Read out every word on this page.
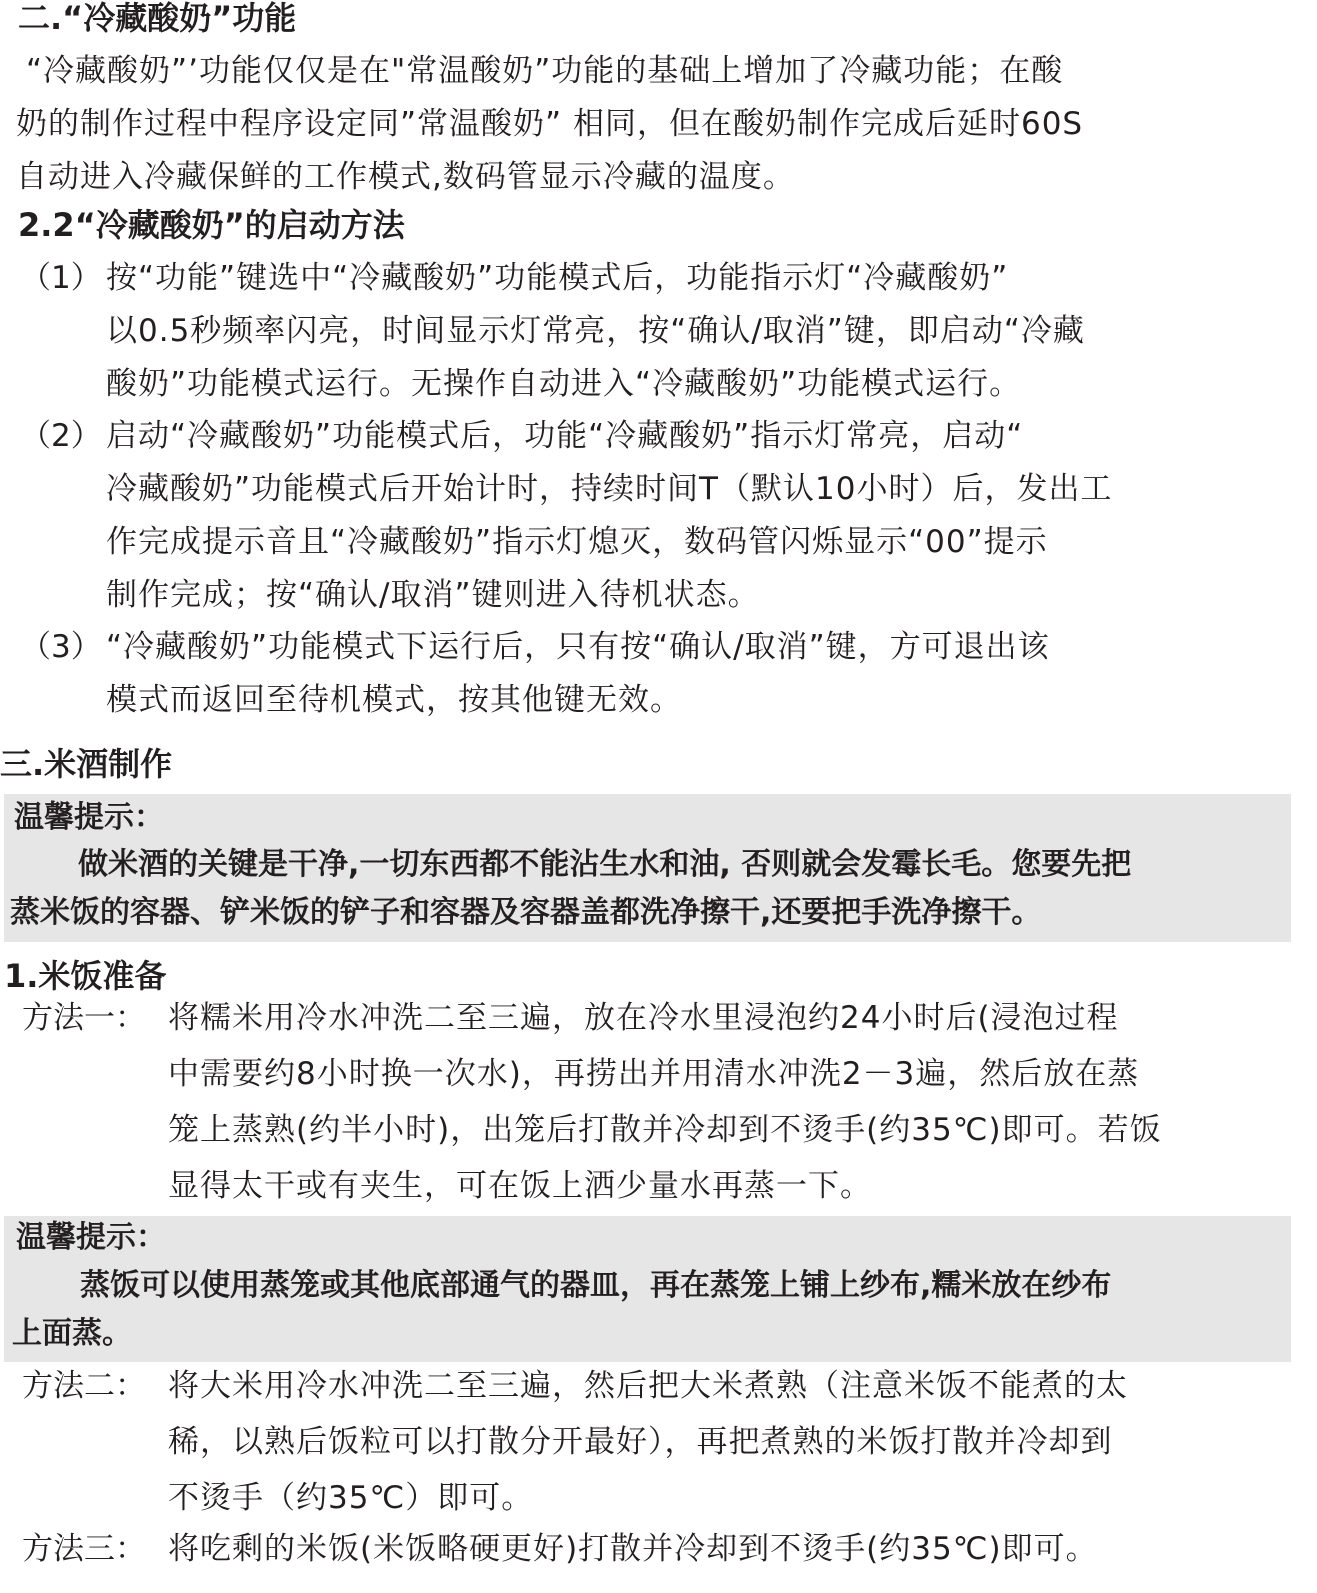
二.“冷藏酸奶”功能
“冷藏酸奶”’功能仅仅是在"常温酸奶”功能的基础上增加了冷藏功能；在酸
奶的制作过程中程序设定同”常温酸奶” 相同，但在酸奶制作完成后延时60S
自动进入冷藏保鲜的工作模式,数码管显示冷藏的温度。
2.2“冷藏酸奶”的启动方法
（1） 按“功能”键选中“冷藏酸奶”功能模式后，功能指示灯“冷藏酸奶”
以0.5秒频率闪亮，时间显示灯常亮，按“确认/取消”键，即启动“冷藏
酸奶”功能模式运行。无操作自动进入“冷藏酸奶”功能模式运行。
（2） 启动“冷藏酸奶”功能模式后，功能“冷藏酸奶”指示灯常亮，启动“
冷藏酸奶”功能模式后开始计时，持续时间T（默认10小时）后，发出工
作完成提示音且“冷藏酸奶”指示灯熄灭，数码管闪烁显示“00”提示
制作完成；按“确认/取消”键则进入待机状态。
（3） “冷藏酸奶”功能模式下运行后，只有按“确认/取消”键，方可退出该
模式而返回至待机模式，按其他键无效。
三.米酒制作
温馨提示：
做米酒的关键是干净,一切东西都不能沾生水和油, 否则就会发霉长毛。您要先把
蒸米饭的容器、铲米饭的铲子和容器及容器盖都洗净擦干,还要把手洗净擦干。
1.米饭准备
方法一： 将糯米用冷水冲洗二至三遍，放在冷水里浸泡约24小时后(浸泡过程
中需要约8小时换一次水)，再捞出并用清水冲洗2－3遍，然后放在蒸
笼上蒸熟(约半小时)，出笼后打散并冷却到不烫手(约35℃)即可。若饭
显得太干或有夹生，可在饭上洒少量水再蒸一下。
温馨提示：
蒸饭可以使用蒸笼或其他底部通气的器皿，再在蒸笼上铺上纱布,糯米放在纱布
上面蒸。
方法二： 将大米用冷水冲洗二至三遍，然后把大米煮熟（注意米饭不能煮的太
稀，以熟后饭粒可以打散分开最好），再把煮熟的米饭打散并冷却到
不烫手（约35℃）即可。
方法三： 将吃剩的米饭(米饭略硬更好)打散并冷却到不烫手(约35℃)即可。
